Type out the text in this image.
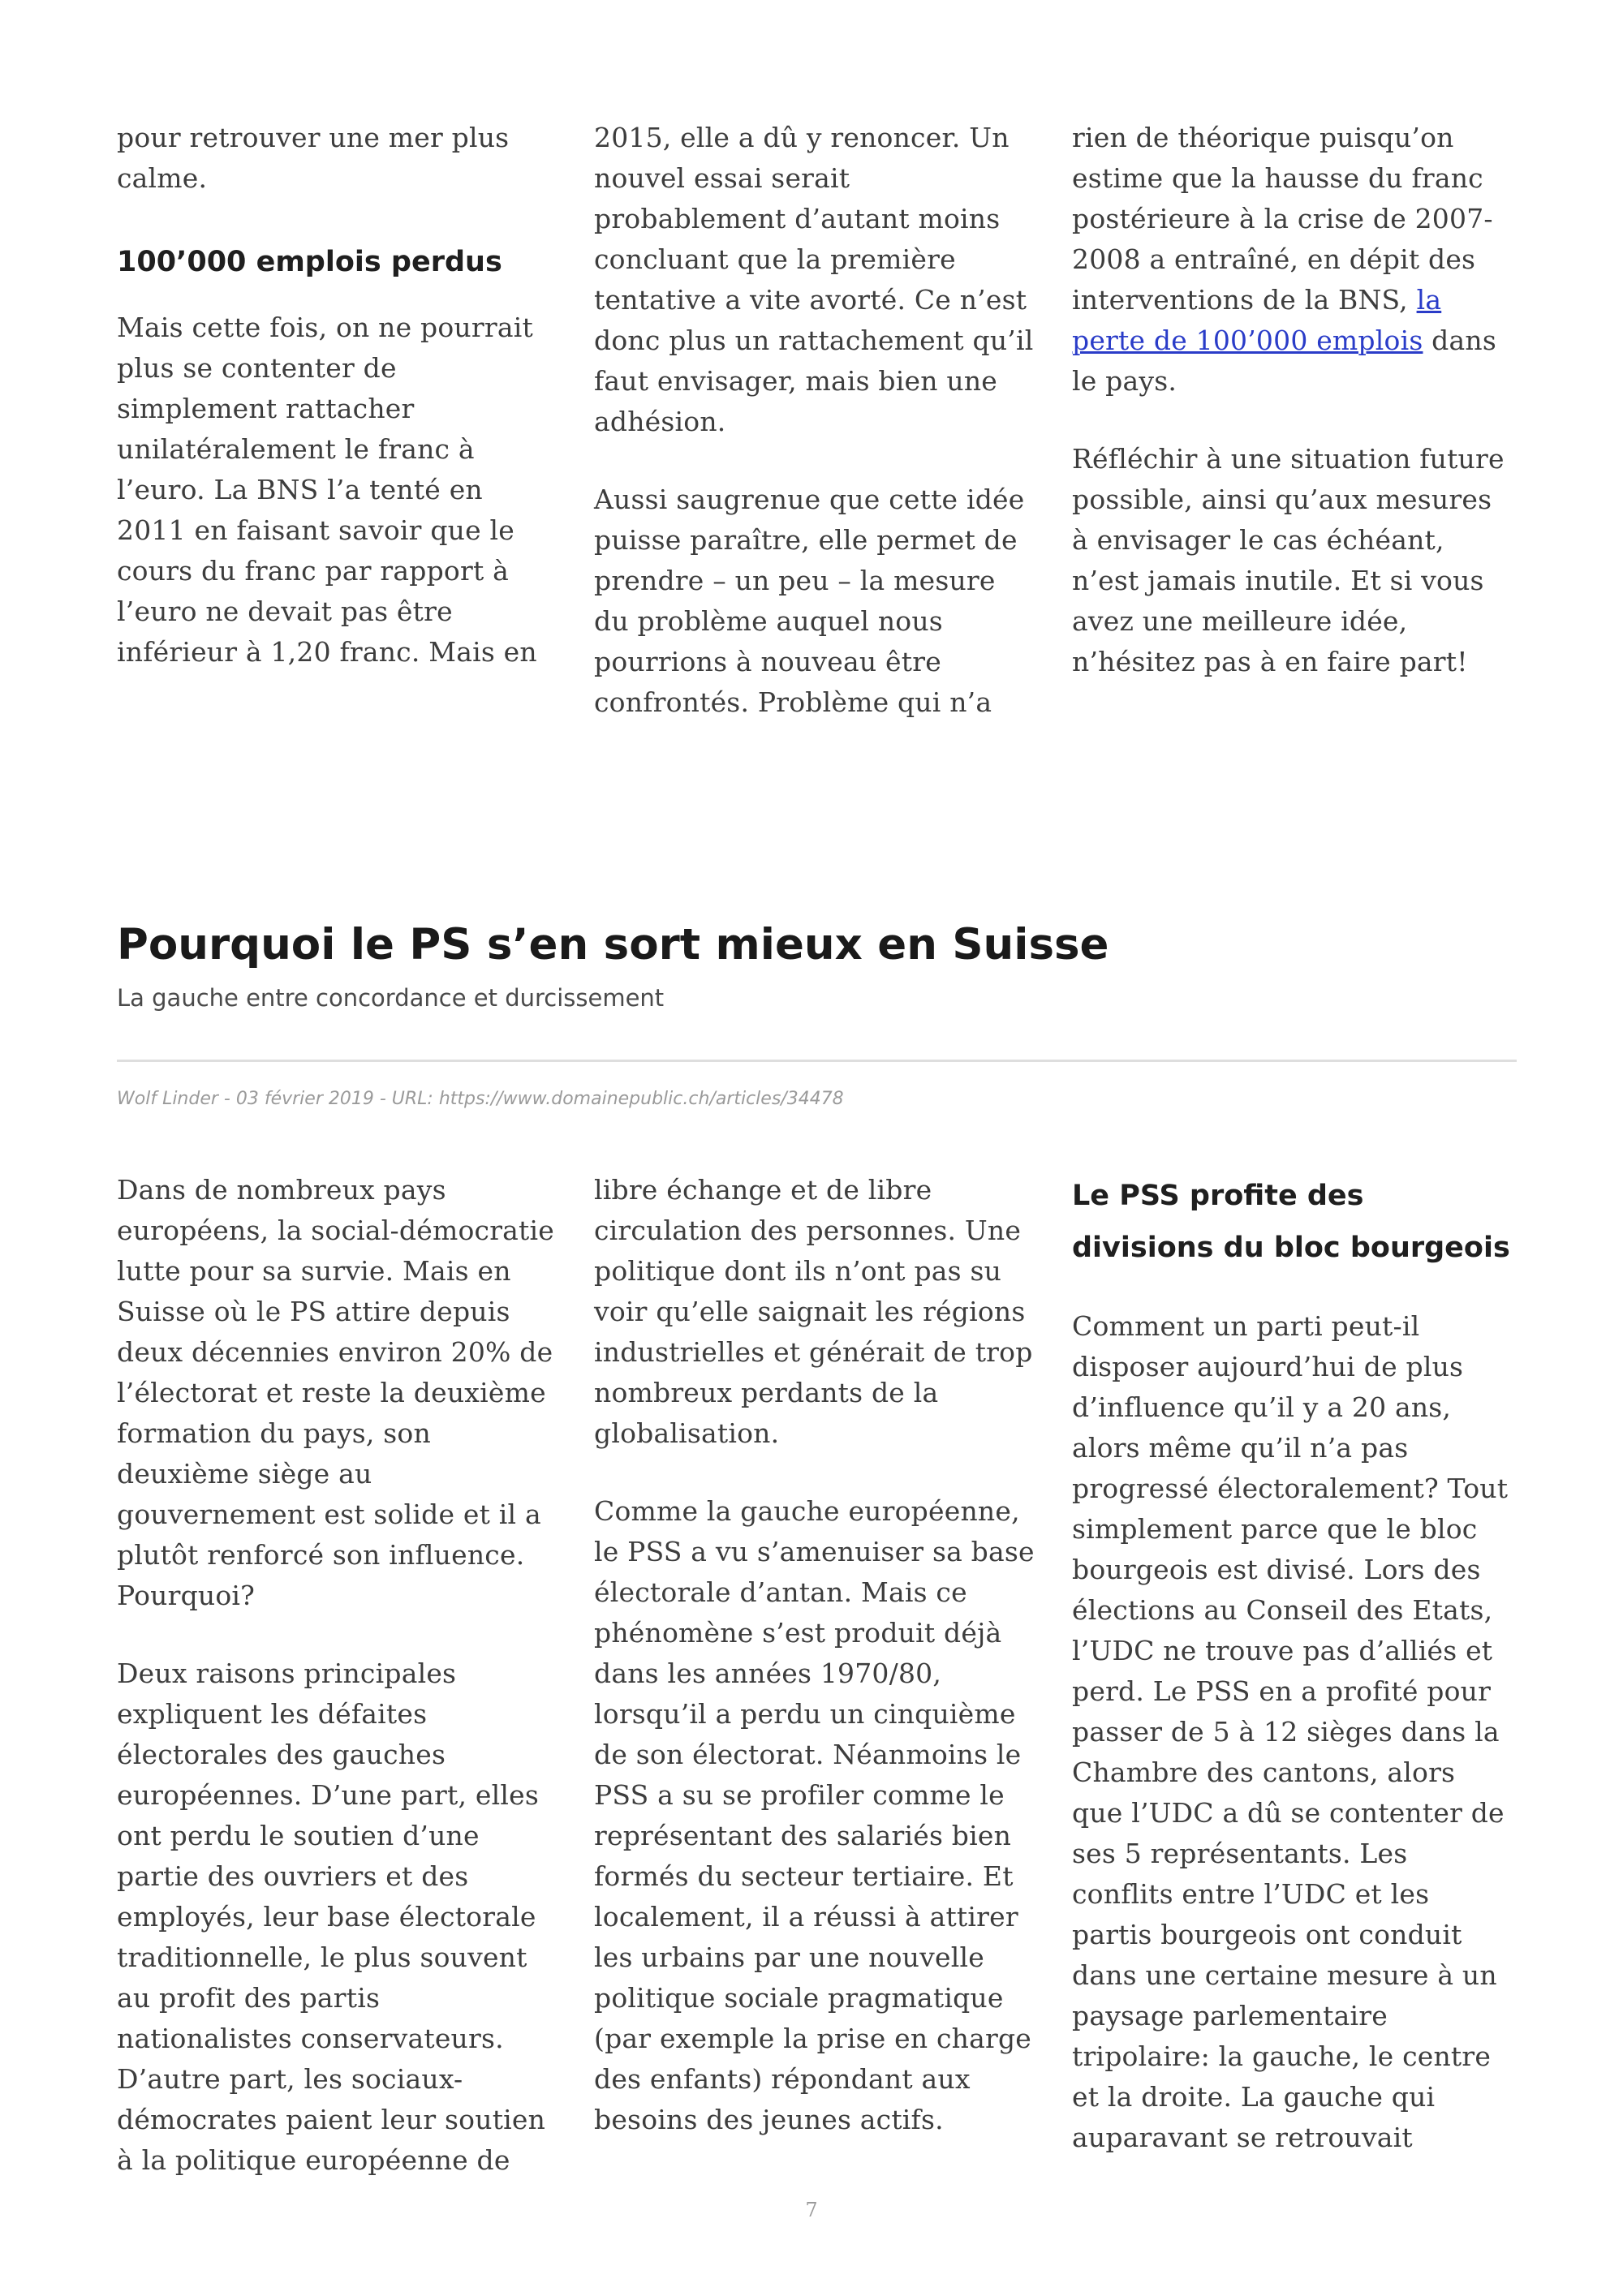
pour retrouver une mer plus calme.

100’000 emplois perdus

Mais cette fois, on ne pourrait plus se contenter de simplement rattacher unilatéralement le franc à l’euro. La BNS l’a tenté en 2011 en faisant savoir que le cours du franc par rapport à l’euro ne devait pas être inférieur à 1,20 franc. Mais en

2015, elle a dû y renoncer. Un nouvel essai serait probablement d’autant moins concluant que la première tentative a vite avorté. Ce n’est donc plus un rattachement qu’il faut envisager, mais bien une adhésion.

Aussi saugrenue que cette idée puisse paraître, elle permet de prendre – un peu – la mesure du problème auquel nous pourrions à nouveau être confrontés. Problème qui n’a

rien de théorique puisqu’on estime que la hausse du franc postérieure à la crise de 2007-2008 a entraîné, en dépit des interventions de la BNS, la perte de 100’000 emplois dans le pays.

Réfléchir à une situation future possible, ainsi qu’aux mesures à envisager le cas échéant, n’est jamais inutile. Et si vous avez une meilleure idée, n’hésitez pas à en faire part!

Pourquoi le PS s’en sort mieux en Suisse

La gauche entre concordance et durcissement

Wolf Linder - 03 février 2019 - URL: https://www.domainepublic.ch/articles/34478

Dans de nombreux pays européens, la social-démocratie lutte pour sa survie. Mais en Suisse où le PS attire depuis deux décennies environ 20% de l’électorat et reste la deuxième formation du pays, son deuxième siège au gouvernement est solide et il a plutôt renforcé son influence. Pourquoi?

Deux raisons principales expliquent les défaites électorales des gauches européennes. D’une part, elles ont perdu le soutien d’une partie des ouvriers et des employés, leur base électorale traditionnelle, le plus souvent au profit des partis nationalistes conservateurs. D’autre part, les sociaux-démocrates paient leur soutien à la politique européenne de

libre échange et de libre circulation des personnes. Une politique dont ils n’ont pas su voir qu’elle saignait les régions industrielles et générait de trop nombreux perdants de la globalisation.

Comme la gauche européenne, le PSS a vu s’amenuiser sa base électorale d’antan. Mais ce phénomène s’est produit déjà dans les années 1970/80, lorsqu’il a perdu un cinquième de son électorat. Néanmoins le PSS a su se profiler comme le représentant des salariés bien formés du secteur tertiaire. Et localement, il a réussi à attirer les urbains par une nouvelle politique sociale pragmatique (par exemple la prise en charge des enfants) répondant aux besoins des jeunes actifs.

Le PSS profite des divisions du bloc bourgeois

Comment un parti peut-il disposer aujourd’hui de plus d’influence qu’il y a 20 ans, alors même qu’il n’a pas progressé électoralement? Tout simplement parce que le bloc bourgeois est divisé. Lors des élections au Conseil des Etats, l’UDC ne trouve pas d’alliés et perd. Le PSS en a profité pour passer de 5 à 12 sièges dans la Chambre des cantons, alors que l’UDC a dû se contenter de ses 5 représentants. Les conflits entre l’UDC et les partis bourgeois ont conduit dans une certaine mesure à un paysage parlementaire tripolaire: la gauche, le centre et la droite. La gauche qui auparavant se retrouvait

7
